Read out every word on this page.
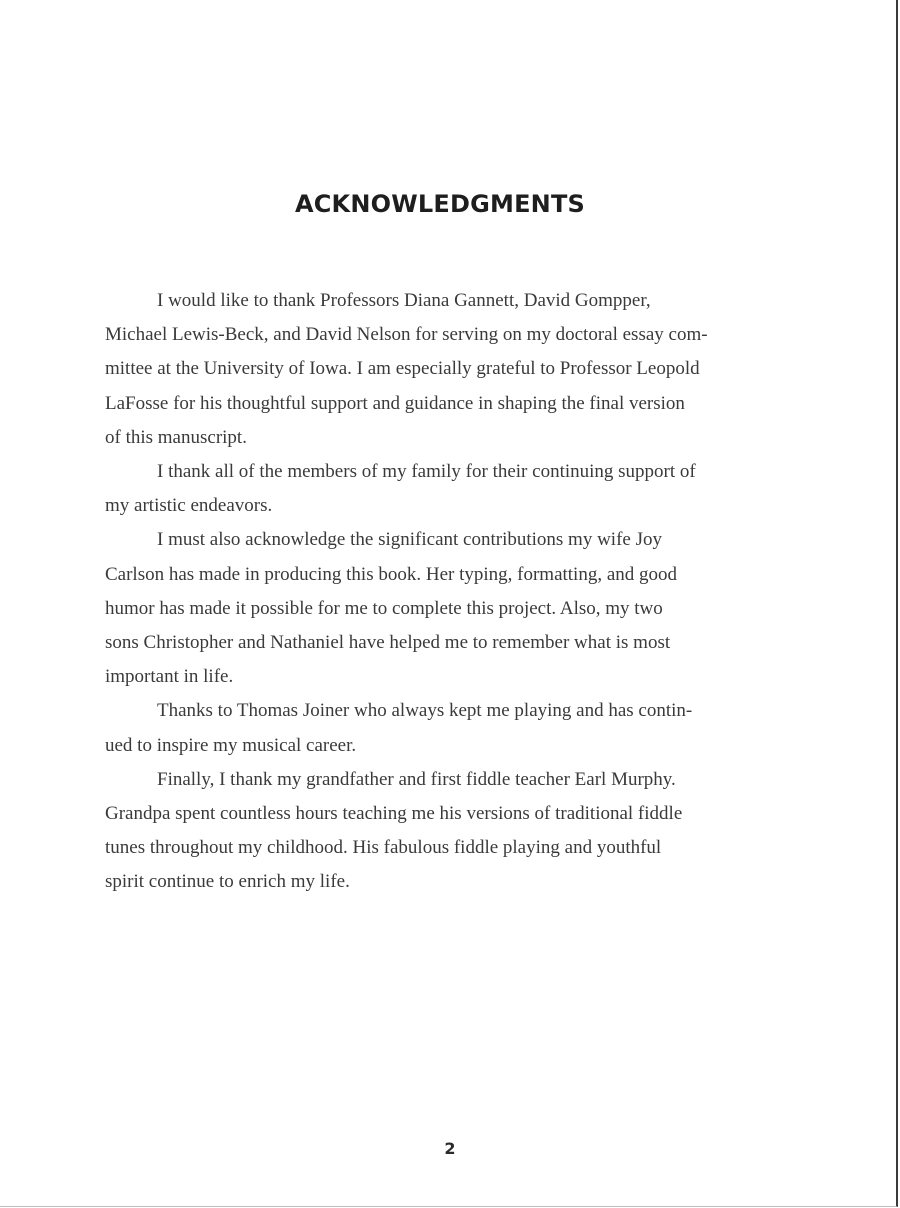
ACKNOWLEDGMENTS

I would like to thank Professors Diana Gannett, David Gompper,
Michael Lewis-Beck, and David Nelson for serving on my doctoral essay com-
mittee at the University of Iowa. I am especially grateful to Professor Leopold
LaFosse for his thoughtful support and guidance in shaping the final version
of this manuscript.

I thank all of the members of my family for their continuing support of
my artistic endeavors.

I must also acknowledge the significant contributions my wife Joy
Carlson has made in producing this book. Her typing, formatting, and good
humor has made it possible for me to complete this project. Also, my two
sons Christopher and Nathaniel have helped me to remember what is most
important in life.

Thanks to Thomas Joiner who always kept me playing and has contin-
ued to inspire my musical career.

Finally, I thank my grandfather and first fiddle teacher Earl Murphy.
Grandpa spent countless hours teaching me his versions of traditional fiddle
tunes throughout my childhood. His fabulous fiddle playing and youthful
spirit continue to enrich my life.

2
